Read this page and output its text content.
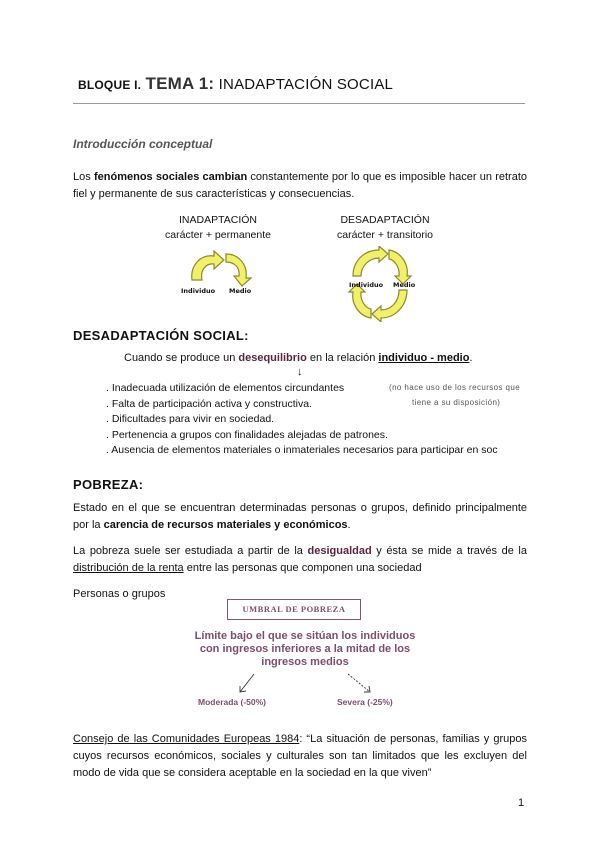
BLOQUE I. TEMA 1: INADAPTACIÓN SOCIAL
Introducción conceptual
Los fenómenos sociales cambian constantemente por lo que es imposible hacer un retrato fiel y permanente de sus características y consecuencias.
INADAPTACIÓN
carácter + permanente
DESADAPTACIÓN
carácter + transitorio
Individuo Medio
Individuo Medio
DESADAPTACIÓN SOCIAL:
Cuando se produce un desequilibrio en la relación individuo - medio.
↓
. Inadecuada utilización de elementos circundantes
. Falta de participación activa y constructiva.
. Dificultades para vivir en sociedad.
. Pertenencia a grupos con finalidades alejadas de patrones.
. Ausencia de elementos materiales o inmateriales necesarios para participar en soc
(no hace uso de los recursos que
tiene a su disposición)
POBREZA:
Estado en el que se encuentran determinadas personas o grupos, definido principalmente por la carencia de recursos materiales y económicos.
La pobreza suele ser estudiada a partir de la desigualdad y ésta se mide a través de la distribución de la renta entre las personas que componen una sociedad
Personas o grupos
UMBRAL DE POBREZA
Límite bajo el que se sitúan los individuos con ingresos inferiores a la mitad de los ingresos medios
Moderada (-50%)	Severa (-25%)
Consejo de las Comunidades Europeas 1984: “La situación de personas, familias y grupos cuyos recursos económicos, sociales y culturales son tan limitados que les excluyen del modo de vida que se considera aceptable en la sociedad en la que viven”
1
